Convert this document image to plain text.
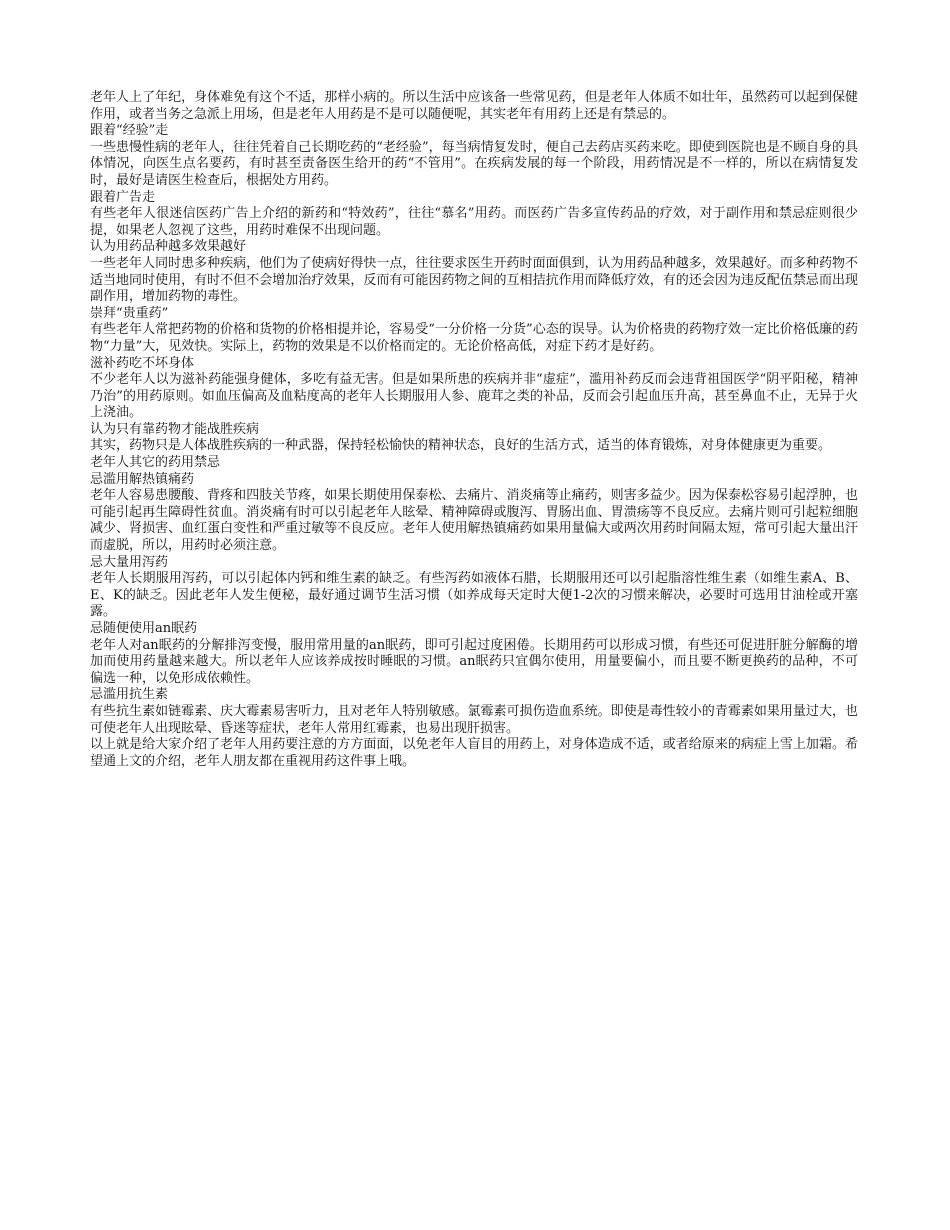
老年人上了年纪，身体难免有这个不适，那样小病的。所以生活中应该备一些常见药，但是老年人体质不如壮年，虽然药可以起到保健作用，或者当务之急派上用场，但是老年人用药是不是可以随便呢，其实老年有用药上还是有禁忌的。

跟着“经验”走

一些患慢性病的老年人，往往凭着自己长期吃药的“老经验”，每当病情复发时，便自己去药店买药来吃。即使到医院也是不顾自身的具体情况，向医生点名要药，有时甚至责备医生给开的药“不管用”。在疾病发展的每一个阶段，用药情况是不一样的，所以在病情复发时，最好是请医生检查后，根据处方用药。

跟着广告走

有些老年人很迷信医药广告上介绍的新药和“特效药”，往往“慕名”用药。而医药广告多宣传药品的疗效，对于副作用和禁忌症则很少提，如果老人忽视了这些，用药时难保不出现问题。

认为用药品种越多效果越好

一些老年人同时患多种疾病，他们为了使病好得快一点，往往要求医生开药时面面俱到，认为用药品种越多，效果越好。而多种药物不适当地同时使用，有时不但不会增加治疗效果，反而有可能因药物之间的互相拮抗作用而降低疗效，有的还会因为违反配伍禁忌而出现副作用，增加药物的毒性。

崇拜“贵重药”

有些老年人常把药物的价格和货物的价格相提并论，容易受“一分价格一分货”心态的误导。认为价格贵的药物疗效一定比价格低廉的药物“力量”大，见效快。实际上，药物的效果是不以价格而定的。无论价格高低，对症下药才是好药。

滋补药吃不坏身体

不少老年人以为滋补药能强身健体，多吃有益无害。但是如果所患的疾病并非“虚症”，滥用补药反而会违背祖国医学“阴平阳秘，精神乃治”的用药原则。如血压偏高及血粘度高的老年人长期服用人参、鹿茸之类的补品，反而会引起血压升高，甚至鼻血不止，无异于火上浇油。

认为只有靠药物才能战胜疾病

其实，药物只是人体战胜疾病的一种武器，保持轻松愉快的精神状态，良好的生活方式，适当的体育锻炼，对身体健康更为重要。

老年人其它的药用禁忌
忌滥用解热镇痛药

老年人容易患腰酸、背疼和四肢关节疼，如果长期使用保泰松、去痛片、消炎痛等止痛药，则害多益少。因为保泰松容易引起浮肿，也可能引起再生障碍性贫血。消炎痛有时可以引起老年人眩晕、精神障碍或腹泻、胃肠出血、胃溃疡等不良反应。去痛片则可引起粒细胞减少、肾损害、血红蛋白变性和严重过敏等不良反应。老年人使用解热镇痛药如果用量偏大或两次用药时间隔太短，常可引起大量出汗而虚脱，所以，用药时必须注意。

忌大量用泻药

老年人长期服用泻药，可以引起体内钙和维生素的缺乏。有些泻药如液体石腊，长期服用还可以引起脂溶性维生素（如维生素A、B、E、K的缺乏。因此老年人发生便秘，最好通过调节生活习惯（如养成每天定时大便1-2次的习惯来解决，必要时可选用甘油栓或开塞露。

忌随便使用an眠药

老年人对an眠药的分解排泻变慢，服用常用量的an眠药，即可引起过度困倦。长期用药可以形成习惯，有些还可促进肝脏分解酶的增加而使用药量越来越大。所以老年人应该养成按时睡眠的习惯。an眠药只宜偶尔使用，用量要偏小，而且要不断更换药的品种，不可偏选一种，以免形成依赖性。

忌滥用抗生素

有些抗生素如链霉素、庆大霉素易害听力，且对老年人特别敏感。氯霉素可损伤造血系统。即使是毒性较小的青霉素如果用量过大，也可使老年人出现眩晕、昏迷等症状，老年人常用红霉素，也易出现肝损害。

以上就是给大家介绍了老年人用药要注意的方方面面，以免老年人盲目的用药上，对身体造成不适，或者给原来的病症上雪上加霜。希望通上文的介绍，老年人朋友都在重视用药这件事上哦。
